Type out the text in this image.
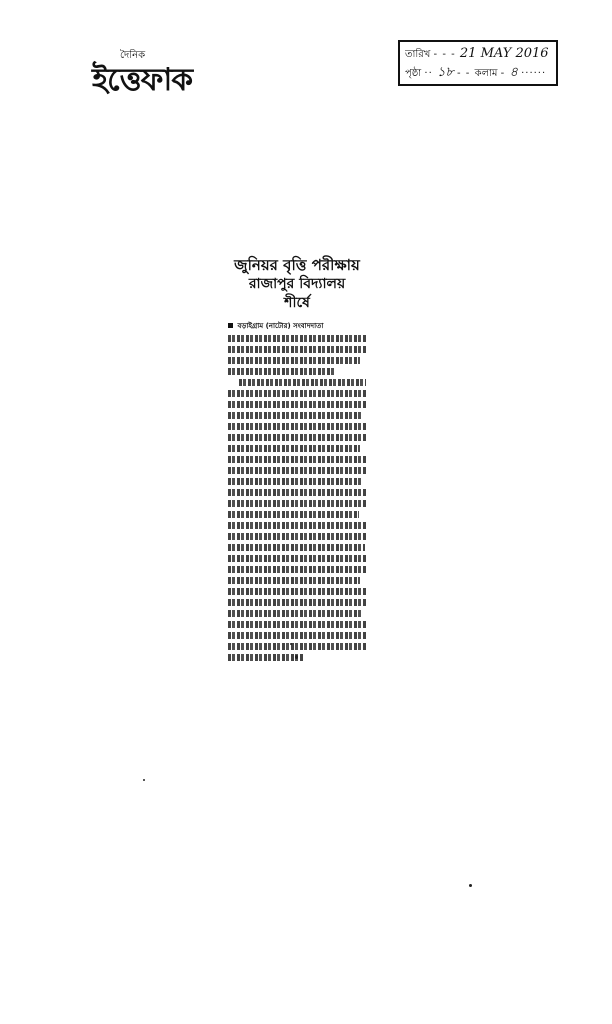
দৈনিক
ইত্তেফাক
তারিখ - - - 21 MAY 2016
পৃষ্ঠা ·· ১৮ - - কলাম - ৪ ······
জুনিয়র বৃত্তি পরীক্ষায়
রাজাপুর বিদ্যালয়
শীর্ষে
বড়াইগ্রাম (নাটোর) সংবাদদাতা
